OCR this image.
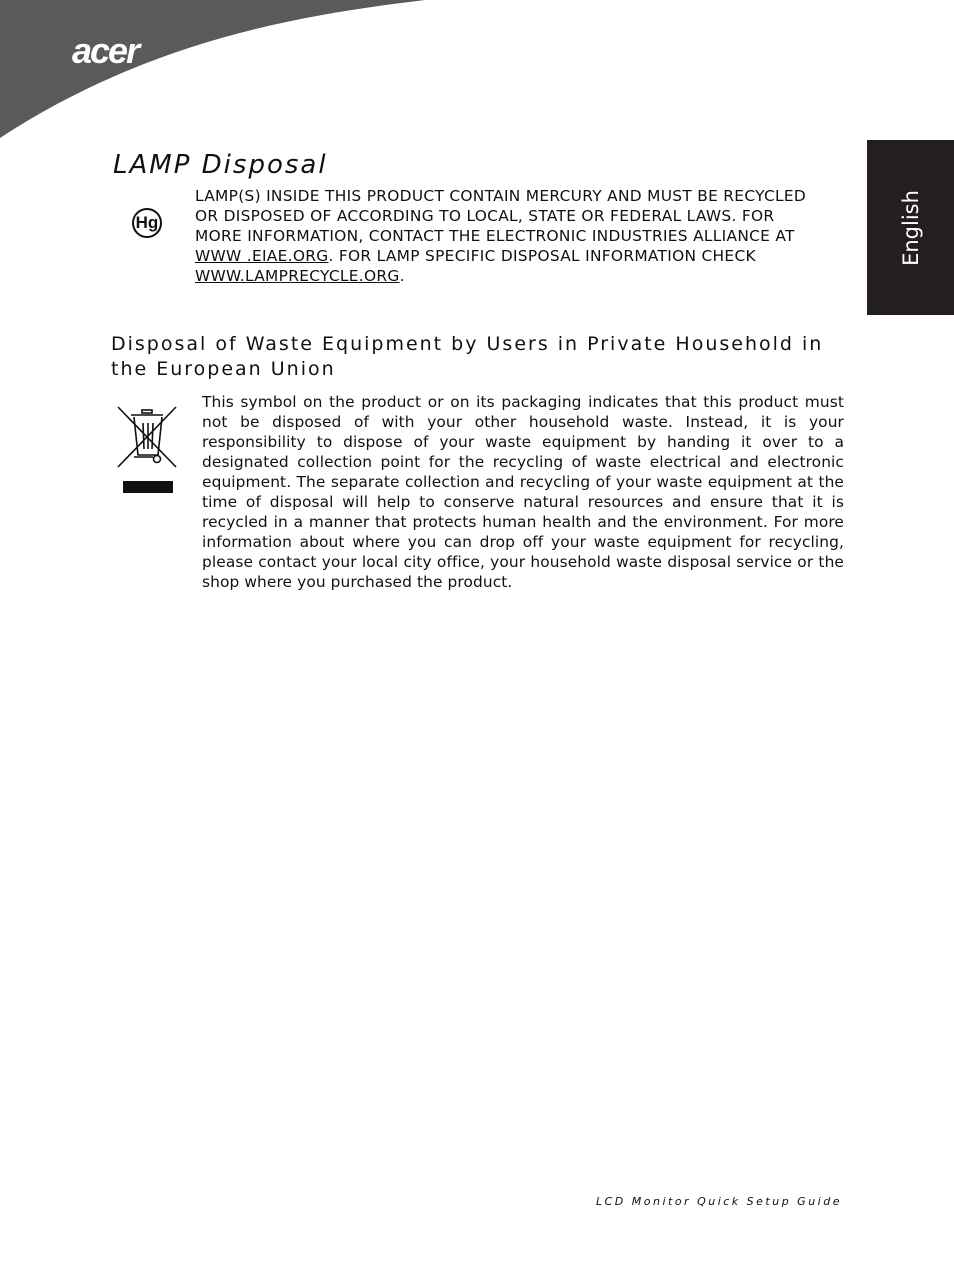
acer
English
LAMP Disposal
Hg

LAMP(S) INSIDE THIS PRODUCT CONTAIN MERCURY AND MUST BE RECYCLED

OR DISPOSED OF ACCORDING TO LOCAL, STATE OR FEDERAL LAWS. FOR

MORE INFORMATION, CONTACT THE ELECTRONIC INDUSTRIES ALLIANCE AT

WWW .EIAE.ORG. FOR LAMP SPECIFIC DISPOSAL INFORMATION CHECK

WWW.LAMPRECYCLE.ORG.

Disposal of Waste Equipment by Users in Private Household in the European Union

This symbol on the product or on its packaging indicates that this product must not be disposed of with your other household waste. Instead, it is your responsibility to dispose of your waste equipment by handing it over to a designated collection point for the recycling of waste electrical and electronic equipment. The separate collection and recycling of your waste equipment at the time of disposal will help to conserve natural resources and ensure that it is recycled in a manner that protects human health and the environment. For more information about where you can drop off your waste equipment for recycling, please contact your local city office, your household waste disposal service or the shop where you purchased the product.

LCD Monitor Quick Setup Guide
